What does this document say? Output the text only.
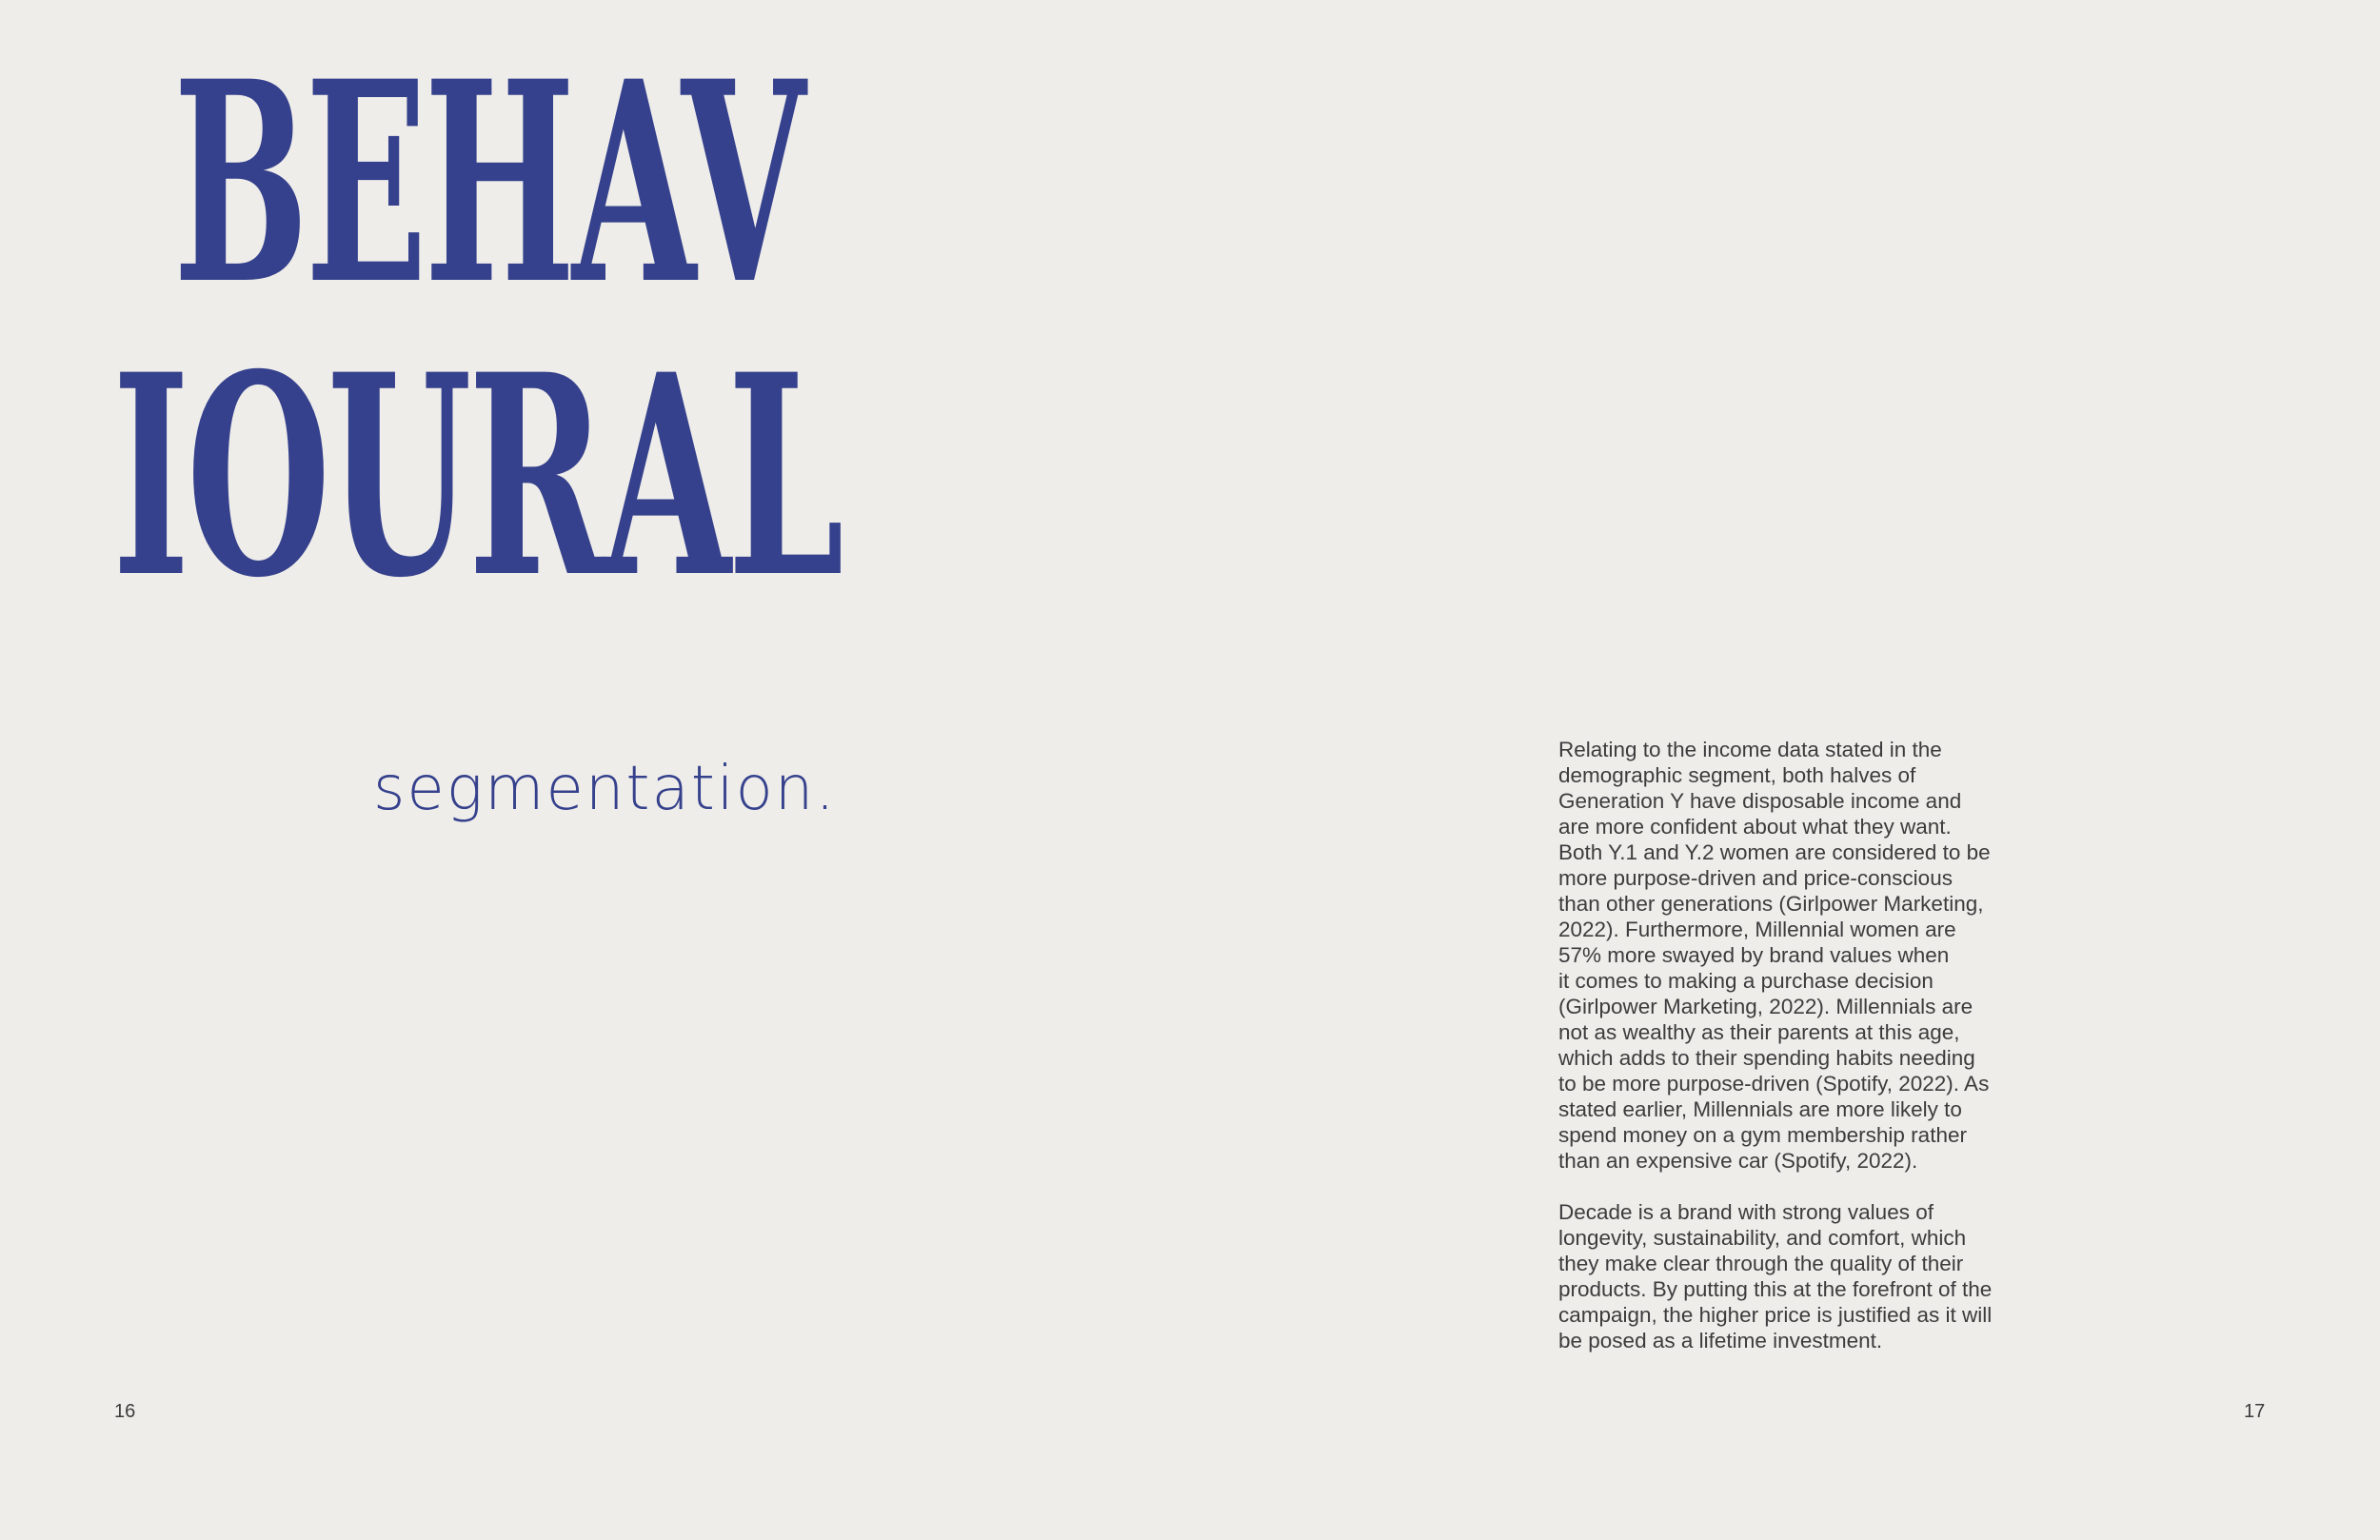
BEHAV
IOURAL
segmentation.

16

Relating to the income data stated in the
demographic segment, both halves of
Generation Y have disposable income and
are more confident about what they want.
Both Y.1 and Y.2 women are considered to be
more purpose-driven and price-conscious
than other generations (Girlpower Marketing,
2022). Furthermore, Millennial women are
57% more swayed by brand values when
it comes to making a purchase decision
(Girlpower Marketing, 2022). Millennials are
not as wealthy as their parents at this age,
which adds to their spending habits needing
to be more purpose-driven (Spotify, 2022). As
stated earlier, Millennials are more likely to
spend money on a gym membership rather
than an expensive car (Spotify, 2022).

Decade is a brand with strong values of
longevity, sustainability, and comfort, which
they make clear through the quality of their
products. By putting this at the forefront of the
campaign, the higher price is justified as it will
be posed as a lifetime investment.

17
